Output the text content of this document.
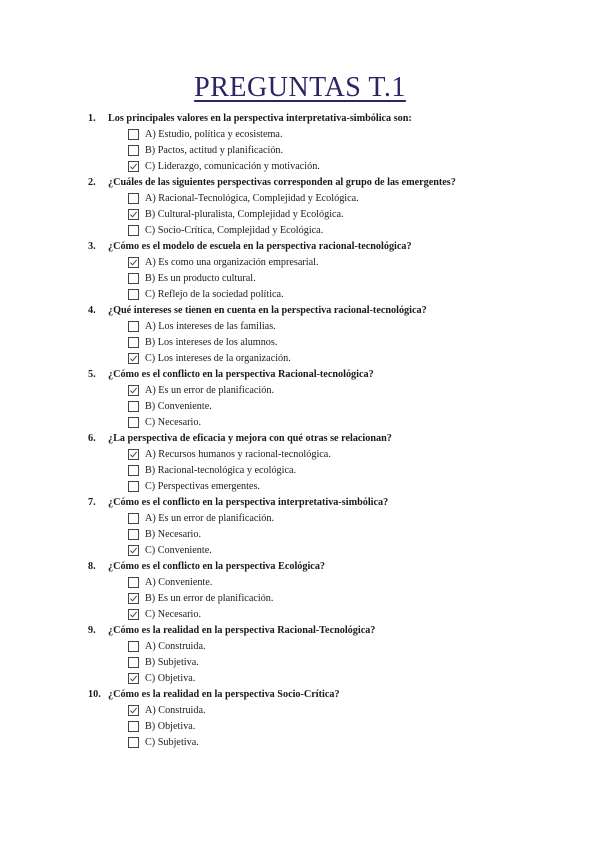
PREGUNTAS T.1
1.	Los principales valores en la perspectiva interpretativa-simbólica son:
A) Estudio, política y ecosistema.
B) Pactos, actitud y planificación.
C) Liderazgo, comunicación y motivación.
2.	¿Cuáles de las siguientes perspectivas corresponden al grupo de las emergentes?
A) Racional-Tecnológica, Complejidad y Ecológica.
B) Cultural-pluralista, Complejidad y Ecológica.
C) Socio-Crítica, Complejidad y Ecológica.
3.	¿Cómo es el modelo de escuela en la perspectiva racional-tecnológica?
A) Es como una organización empresarial.
B) Es un producto cultural.
C) Reflejo de la sociedad política.
4.	¿Qué intereses se tienen en cuenta en la perspectiva racional-tecnológica?
A) Los intereses de las familias.
B) Los intereses de los alumnos.
C) Los intereses de la organización.
5.	¿Cómo es el conflicto en la perspectiva Racional-tecnológica?
A) Es un error de planificación.
B) Conveniente.
C) Necesario.
6.	¿La perspectiva de eficacia y mejora con qué otras se relacionan?
A) Recursos humanos y racional-tecnológica.
B) Racional-tecnológica y ecológica.
C) Perspectivas emergentes.
7.	¿Cómo es el conflicto en la perspectiva interpretativa-simbólica?
A) Es un error de planificación.
B) Necesario.
C) Conveniente.
8.	¿Cómo es el conflicto en la perspectiva Ecológica?
A) Conveniente.
B) Es un error de planificación.
C) Necesario.
9.	¿Cómo es la realidad en la perspectiva Racional-Tecnológica?
A) Construida.
B) Subjetiva.
C) Objetiva.
10. ¿Cómo es la realidad en la perspectiva Socio-Crítica?
A) Construida.
B) Objetiva.
C) Subjetiva.
